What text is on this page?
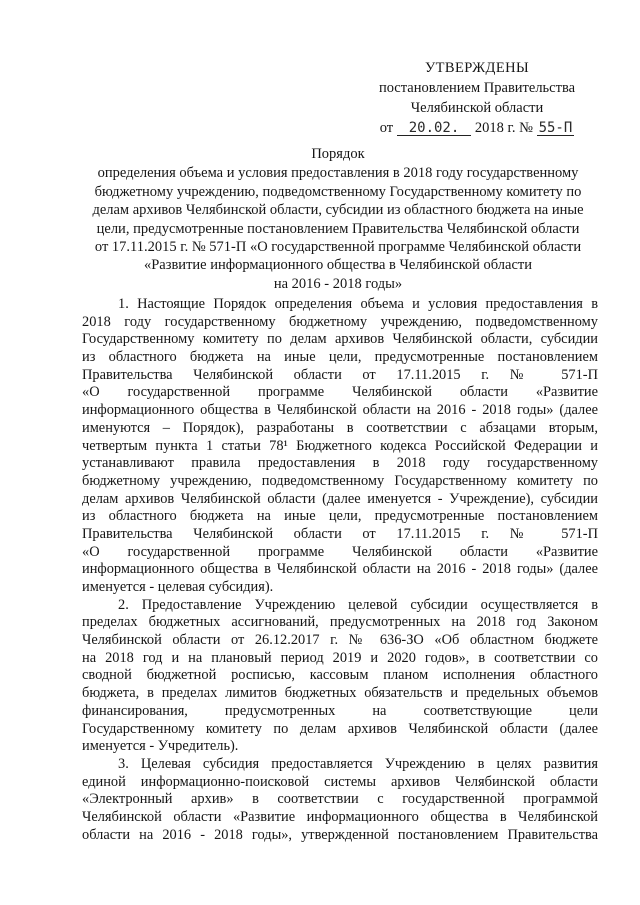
УТВЕРЖДЕНЫ
постановлением Правительства
Челябинской области
от 20.02. 2018 г. № 55-П
Порядок
определения объема и условия предоставления в 2018 году государственному
бюджетному учреждению, подведомственному Государственному комитету по
делам архивов Челябинской области, субсидии из областного бюджета на иные
цели, предусмотренные постановлением Правительства Челябинской области
от 17.11.2015 г. № 571-П «О государственной программе Челябинской области
«Развитие информационного общества в Челябинской области
на 2016 - 2018 годы»
1. Настоящие Порядок определения объема и условия предоставления в
2018 году государственному бюджетному учреждению, подведомственному
Государственному комитету по делам архивов Челябинской области, субсидии
из областного бюджета на иные цели, предусмотренные постановлением
Правительства Челябинской области от 17.11.2015 г. № 571-П
«О государственной программе Челябинской области «Развитие
информационного общества в Челябинской области на 2016 - 2018 годы» (далее
именуются – Порядок), разработаны в соответствии с абзацами вторым,
четвертым пункта 1 статьи 78¹ Бюджетного кодекса Российской Федерации и
устанавливают правила предоставления в 2018 году государственному
бюджетному учреждению, подведомственному Государственному комитету по
делам архивов Челябинской области (далее именуется - Учреждение), субсидии
из областного бюджета на иные цели, предусмотренные постановлением
Правительства Челябинской области от 17.11.2015 г. № 571-П
«О государственной программе Челябинской области «Развитие
информационного общества в Челябинской области на 2016 - 2018 годы» (далее
именуется - целевая субсидия).
2. Предоставление Учреждению целевой субсидии осуществляется в
пределах бюджетных ассигнований, предусмотренных на 2018 год Законом
Челябинской области от 26.12.2017 г. № 636-ЗО «Об областном бюджете
на 2018 год и на плановый период 2019 и 2020 годов», в соответствии со
сводной бюджетной росписью, кассовым планом исполнения областного
бюджета, в пределах лимитов бюджетных обязательств и предельных объемов
финансирования, предусмотренных на соответствующие цели
Государственному комитету по делам архивов Челябинской области (далее
именуется - Учредитель).
3. Целевая субсидия предоставляется Учреждению в целях развития
единой информационно-поисковой системы архивов Челябинской области
«Электронный архив» в соответствии с государственной программой
Челябинской области «Развитие информационного общества в Челябинской
области на 2016 - 2018 годы», утвержденной постановлением Правительства
